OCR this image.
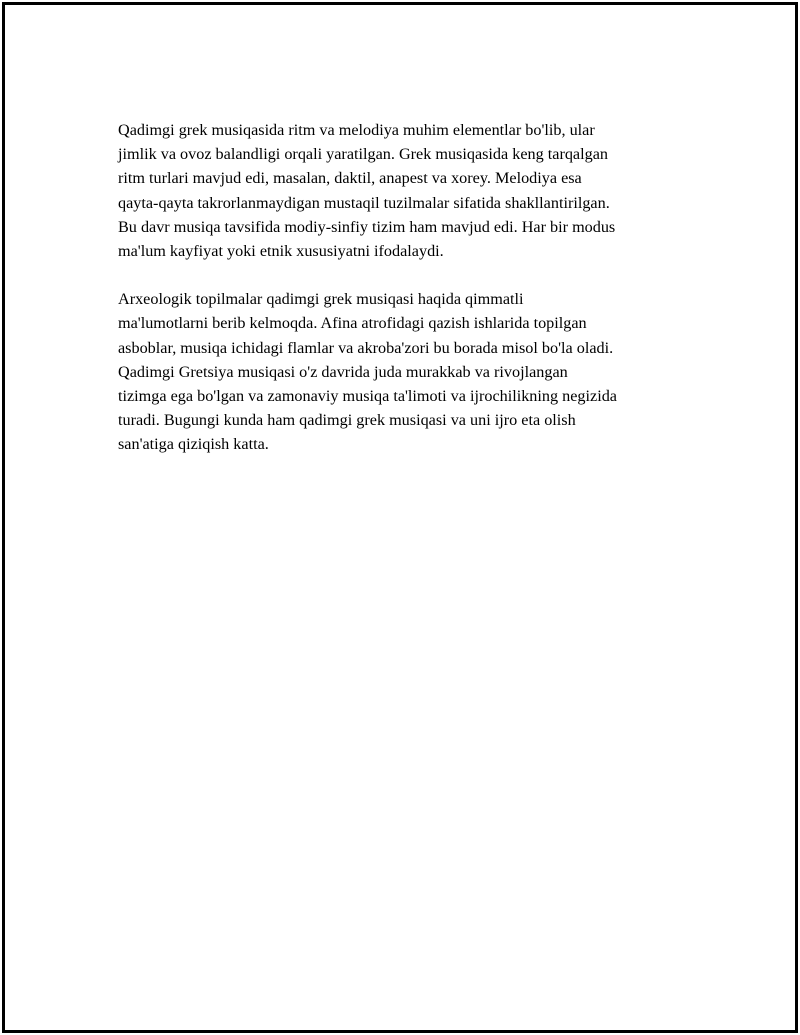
Qadimgi grek musiqasida ritm va melodiya muhim elementlar bo'lib, ular
jimlik va ovoz balandligi orqali yaratilgan. Grek musiqasida keng tarqalgan
ritm turlari mavjud edi, masalan, daktil, anapest va xorey. Melodiya esa
qayta-qayta takrorlanmaydigan mustaqil tuzilmalar sifatida shakllantirilgan.
Bu davr musiqa tavsifida modiy-sinfiy tizim ham mavjud edi. Har bir modus
ma'lum kayfiyat yoki etnik xususiyatni ifodalaydi.

Arxeologik topilmalar qadimgi grek musiqasi haqida qimmatli
ma'lumotlarni berib kelmoqda. Afina atrofidagi qazish ishlarida topilgan
asboblar, musiqa ichidagi flamlar va akroba'zori bu borada misol bo'la oladi.
Qadimgi Gretsiya musiqasi o'z davrida juda murakkab va rivojlangan
tizimga ega bo'lgan va zamonaviy musiqa ta'limoti va ijrochilikning negizida
turadi. Bugungi kunda ham qadimgi grek musiqasi va uni ijro eta olish
san'atiga qiziqish katta.
